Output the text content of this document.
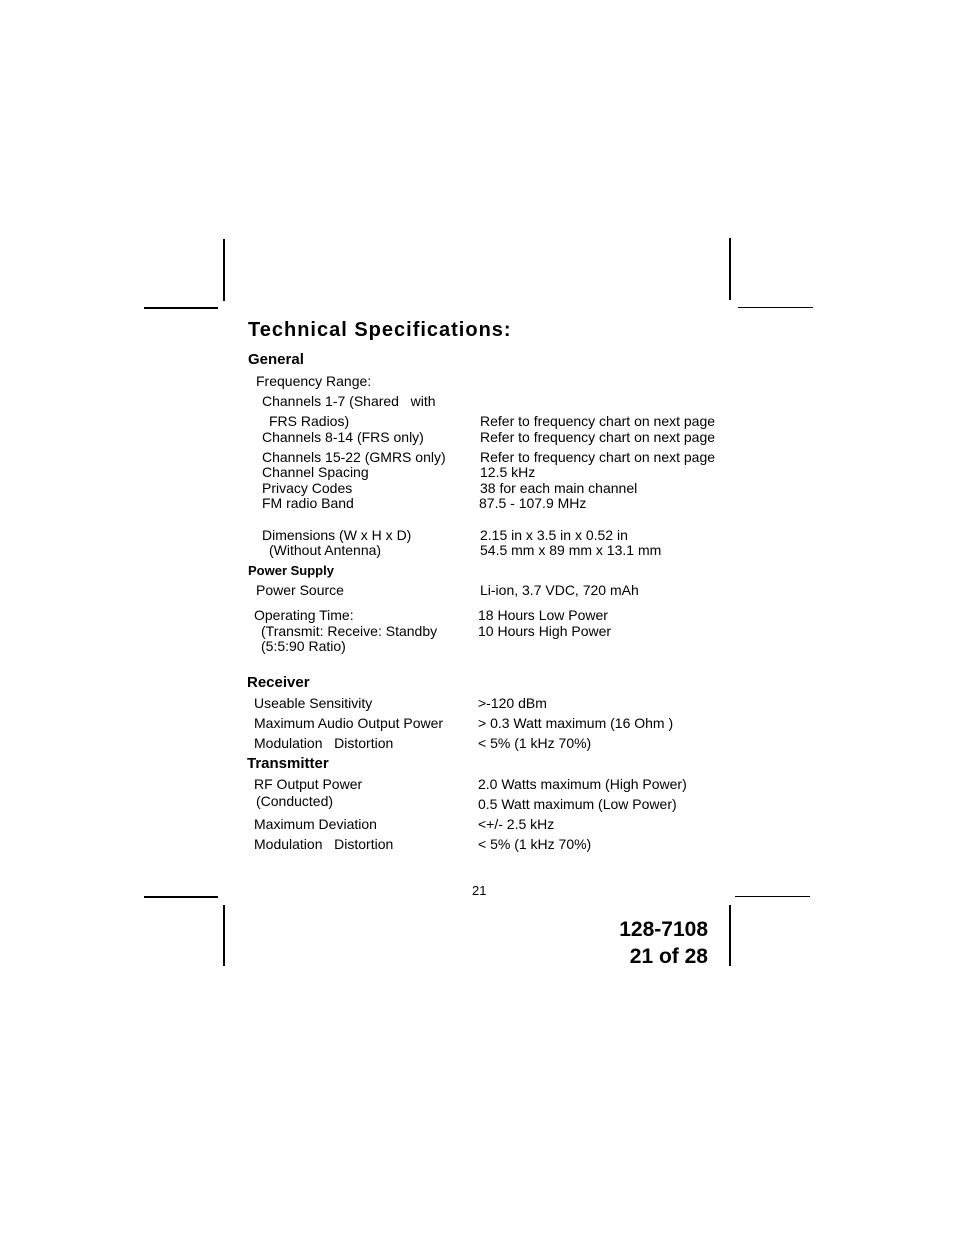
Technical Specifications:
General
Frequency Range:
Channels 1-7 (Shared   with
FRS Radios)	Refer to frequency chart on next page
Channels 8-14 (FRS only)	Refer to frequency chart on next page
Channels 15-22 (GMRS only) Refer to frequency chart on next page
Channel Spacing	12.5 kHz
Privacy Codes	38 for each main channel
FM radio Band	87.5 - 107.9 MHz
Dimensions (W x H x D)	2.15 in x 3.5 in x 0.52 in
(Without Antenna)	54.5 mm x 89 mm x 13.1 mm
Power Supply
Power Source	Li-ion, 3.7 VDC, 720 mAh
Operating Time:	18 Hours Low Power
(Transmit: Receive: Standby	10 Hours High Power
(5:5:90 Ratio)
Receiver
Useable Sensitivity	>-120 dBm
Maximum Audio Output Power > 0.3 Watt maximum (16 Ohm )
Modulation   Distortion	< 5% (1 kHz 70%)
Transmitter
RF Output Power	2.0 Watts maximum (High Power)
(Conducted)	0.5 Watt maximum (Low Power)
Maximum Deviation	<+/- 2.5 kHz
Modulation   Distortion	< 5% (1 kHz 70%)
21
128-7108
21 of 28
